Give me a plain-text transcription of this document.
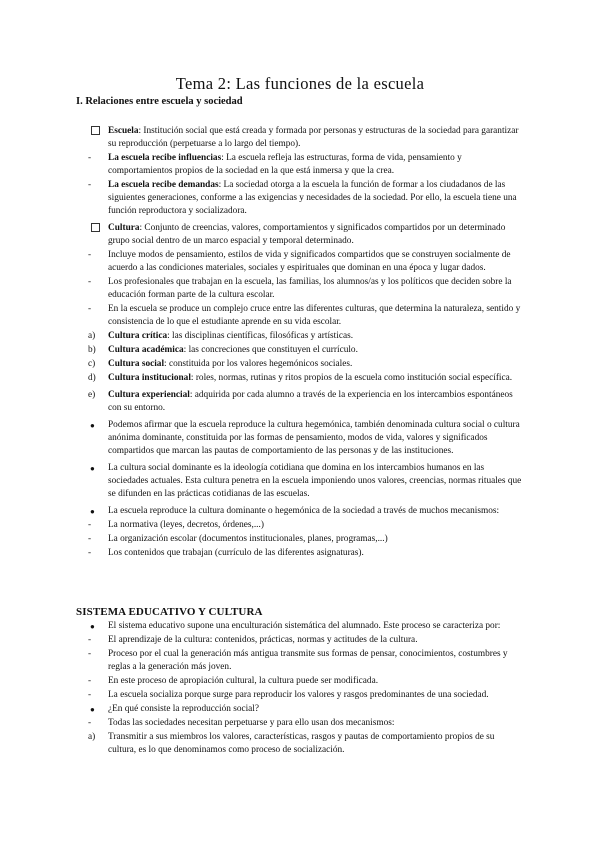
Tema 2: Las funciones de la escuela
I. Relaciones entre escuela y sociedad
Escuela: Institución social que está creada y formada por personas y estructuras de la sociedad para garantizar su reproducción (perpetuarse a lo largo del tiempo).
-	La escuela recibe influencias: La escuela refleja las estructuras, forma de vida, pensamiento y comportamientos propios de la sociedad en la que está inmersa y que la crea.
-	La escuela recibe demandas: La sociedad otorga a la escuela la función de formar a los ciudadanos de las siguientes generaciones, conforme a las exigencias y necesidades de la sociedad. Por ello, la escuela tiene una función reproductora y socializadora.
Cultura: Conjunto de creencias, valores, comportamientos y significados compartidos por un determinado grupo social dentro de un marco espacial y temporal determinado.
-	Incluye modos de pensamiento, estilos de vida y significados compartidos que se construyen socialmente de acuerdo a las condiciones materiales, sociales y espirituales que dominan en una época y lugar dados.
-	Los profesionales que trabajan en la escuela, las familias, los alumnos/as y los políticos que deciden sobre la educación forman parte de la cultura escolar.
-	En la escuela se produce un complejo cruce entre las diferentes culturas, que determina la naturaleza, sentido y consistencia de lo que el estudiante aprende en su vida escolar.
a)	Cultura crítica: las disciplinas científicas, filosóficas y artísticas.
b)	Cultura académica: las concreciones que constituyen el currículo.
c)	Cultura social: constituida por los valores hegemónicos sociales.
d)	Cultura institucional: roles, normas, rutinas y ritos propios de la escuela como institución social específica.
e)	Cultura experiencial: adquirida por cada alumno a través de la experiencia en los intercambios espontáneos con su entorno.
●	Podemos afirmar que la escuela reproduce la cultura hegemónica, también denominada cultura social o cultura anónima dominante, constituida por las formas de pensamiento, modos de vida, valores y significados compartidos que marcan las pautas de comportamiento de las personas y de las instituciones.
●	La cultura social dominante es la ideología cotidiana que domina en los intercambios humanos en las sociedades actuales. Esta cultura penetra en la escuela imponiendo unos valores, creencias, normas rituales que se difunden en las prácticas cotidianas de las escuelas.
●	La escuela reproduce la cultura dominante o hegemónica de la sociedad a través de muchos mecanismos:
-	La normativa (leyes, decretos, órdenes,...)
-	La organización escolar (documentos institucionales, planes, programas,...)
-	Los contenidos que trabajan (currículo de las diferentes asignaturas).
SISTEMA EDUCATIVO Y CULTURA
●	El sistema educativo supone una enculturación sistemática del alumnado. Este proceso se caracteriza por:
-	El aprendizaje de la cultura: contenidos, prácticas, normas y actitudes de la cultura.
-	Proceso por el cual la generación más antigua transmite sus formas de pensar, conocimientos, costumbres y reglas a la generación más joven.
-	En este proceso de apropiación cultural, la cultura puede ser modificada.
-	La escuela socializa porque surge para reproducir los valores y rasgos predominantes de una sociedad.
●	¿En qué consiste la reproducción social?
-	Todas las sociedades necesitan perpetuarse y para ello usan dos mecanismos:
a)	Transmitir a sus miembros los valores, características, rasgos y pautas de comportamiento propios de su cultura, es lo que denominamos como proceso de socialización.
